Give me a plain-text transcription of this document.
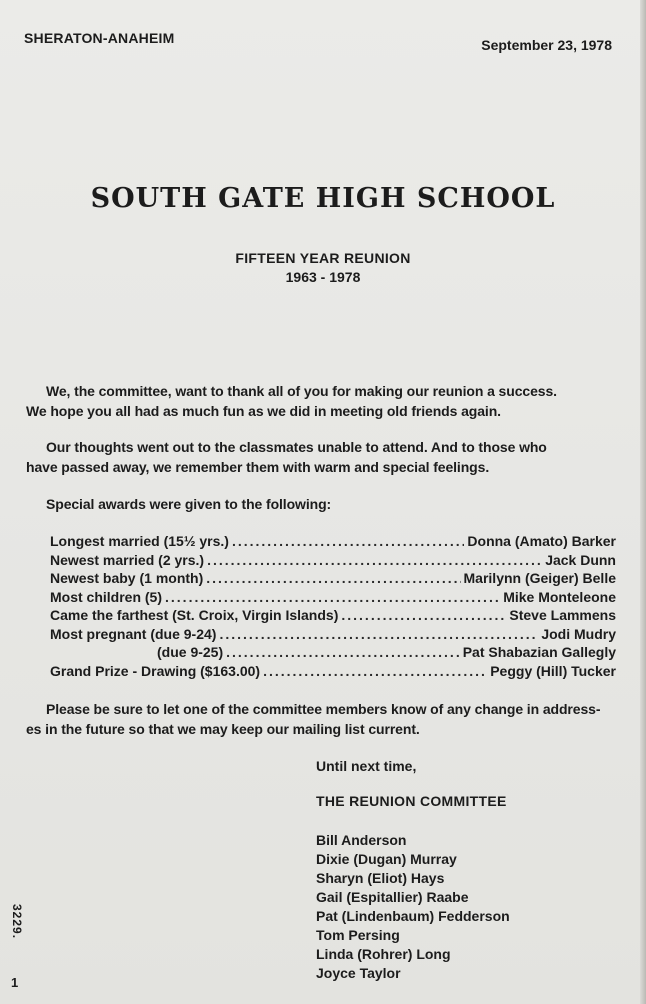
SHERATON-ANAHEIM	September 23, 1978
SOUTH GATE HIGH SCHOOL
FIFTEEN YEAR REUNION
1963 - 1978
We, the committee, want to thank all of you for making our reunion a success.
We hope you all had as much fun as we did in meeting old friends again.
Our thoughts went out to the classmates unable to attend. And to those who
have passed away, we remember them with warm and special feelings.
Special awards were given to the following:
Longest married (15½ yrs.) .....	Donna (Amato) Barker
Newest married (2 yrs.) .....	Jack Dunn
Newest baby (1 month) .....	Marilynn (Geiger) Belle
Most children (5) .....	Mike Monteleone
Came the farthest (St. Croix, Virgin Islands) .....	Steve Lammens
Most pregnant (due 9-24) .....	Jodi Mudry
(due 9-25) .....	Pat Shabazian Gallegly
Grand Prize - Drawing ($163.00) .....	Peggy (Hill) Tucker
Please be sure to let one of the committee members know of any change in address-
es in the future so that we may keep our mailing list current.
Until next time,
THE REUNION COMMITTEE
Bill Anderson
Dixie (Dugan) Murray
Sharyn (Eliot) Hays
Gail (Espitallier) Raabe
Pat (Lindenbaum) Fedderson
Tom Persing
Linda (Rohrer) Long
Joyce Taylor
3229.
1
